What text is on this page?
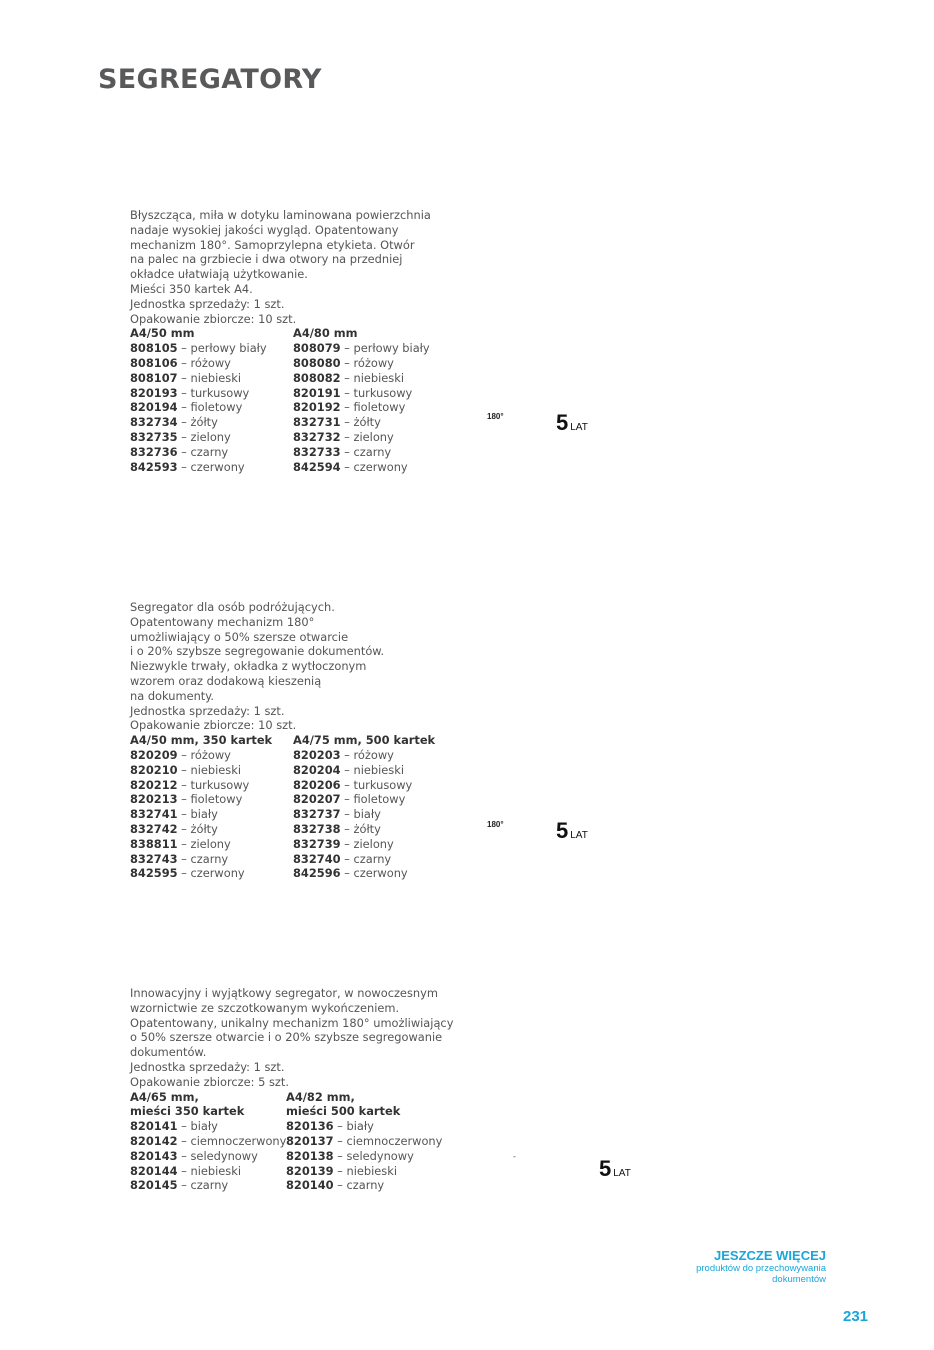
SEGREGATORY

Błyszcząca, miła w dotyku laminowana powierzchnia
nadaje wysokiej jakości wygląd. Opatentowany
mechanizm 180°. Samoprzylepna etykieta. Otwór
na palec na grzbiecie i dwa otwory na przedniej
okładce ułatwiają użytkowanie.
Mieści 350 kartek A4.
Jednostka sprzedaży: 1 szt.
Opakowanie zbiorcze: 10 szt.

A4/50 mm
808105 – perłowy biały
808106 – różowy
808107 – niebieski
820193 – turkusowy
820194 – fioletowy
832734 – żółty
832735 – zielony
832736 – czarny
842593 – czerwony
A4/80 mm
808079 – perłowy biały
808080 – różowy
808082 – niebieski
820191 – turkusowy
820192 – fioletowy
832731 – żółty
832732 – zielony
832733 – czarny
842594 – czerwony
180° 5 LAT

Segregator dla osób podróżujących.
Opatentowany mechanizm 180°
umożliwiający o 50% szersze otwarcie
i o 20% szybsze segregowanie dokumentów.
Niezwykle trwały, okładka z wytłoczonym
wzorem oraz dodakową kieszenią
na dokumenty.
Jednostka sprzedaży: 1 szt.
Opakowanie zbiorcze: 10 szt.

A4/50 mm, 350 kartek
820209 – różowy
820210 – niebieski
820212 – turkusowy
820213 – fioletowy
832741 – biały
832742 – żółty
838811 – zielony
832743 – czarny
842595 – czerwony
A4/75 mm, 500 kartek
820203 – różowy
820204 – niebieski
820206 – turkusowy
820207 – fioletowy
832737 – biały
832738 – żółty
832739 – zielony
832740 – czarny
842596 – czerwony
180° 5 LAT

Innowacyjny i wyjątkowy segregator, w nowoczesnym
wzornictwie ze szczotkowanym wykończeniem.
Opatentowany, unikalny mechanizm 180° umożliwiający
o 50% szersze otwarcie i o 20% szybsze segregowanie
dokumentów.
Jednostka sprzedaży: 1 szt.
Opakowanie zbiorcze: 5 szt.

A4/65 mm,
mieści 350 kartek
820141 – biały
820142 – ciemnoczerwony
820143 – seledynowy
820144 – niebieski
820145 – czarny
A4/82 mm,
mieści 500 kartek
820136 – biały
820137 – ciemnoczerwony
820138 – seledynowy
820139 – niebieski
820140 – czarny
-	5 LAT
JESZCZE WIĘCEJ
produktów do przechowywania
dokumentów
231
